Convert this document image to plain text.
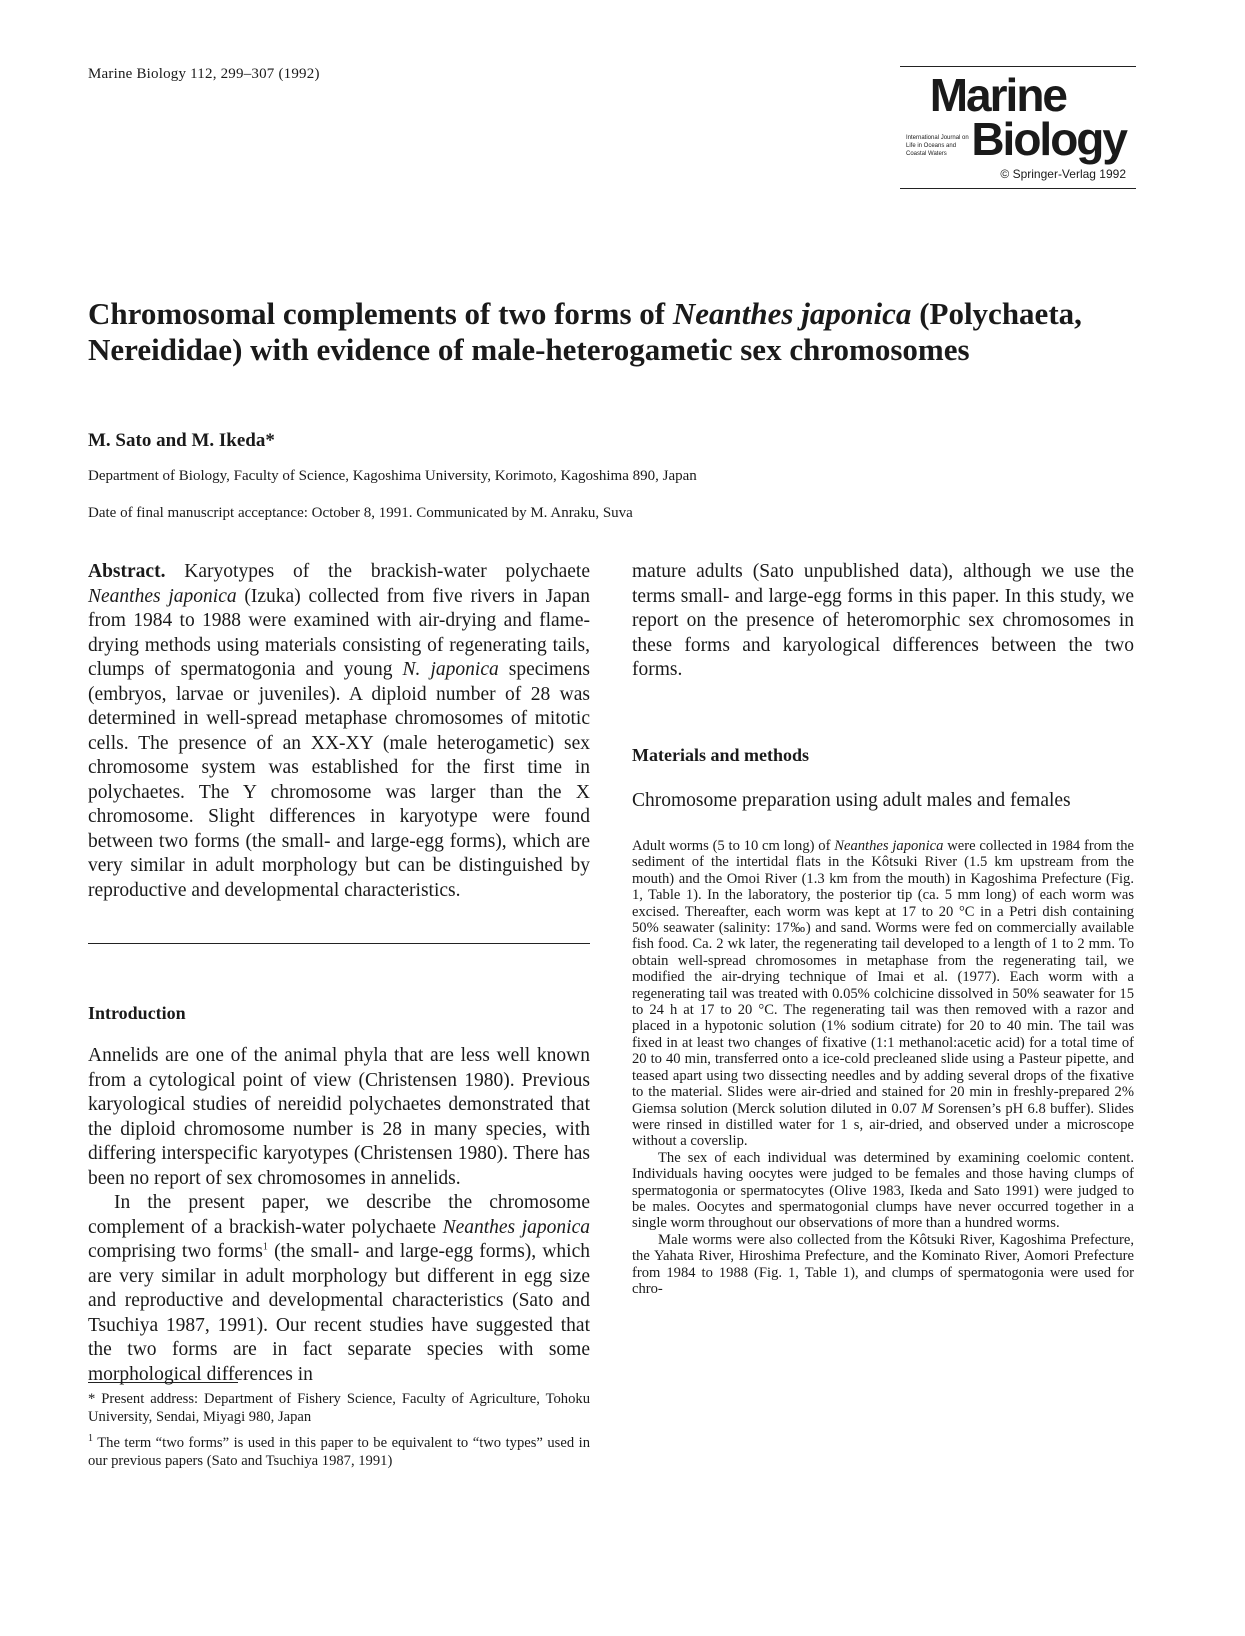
Marine Biology 112, 299–307 (1992)	Marine
International Journal on Life in Oceans and Coastal Waters Biology
© Springer-Verlag 1992
Chromosomal complements of two forms of Neanthes japonica (Polychaeta, Nereididae) with evidence of male-heterogametic sex chromosomes
M. Sato and M. Ikeda*
Department of Biology, Faculty of Science, Kagoshima University, Korimoto, Kagoshima 890, Japan
Date of final manuscript acceptance: October 8, 1991. Communicated by M. Anraku, Suva

Abstract. Karyotypes of the brackish-water polychaete Neanthes japonica (Izuka) collected from five rivers in Japan from 1984 to 1988 were examined with air-drying and flame-drying methods using materials consisting of regenerating tails, clumps of spermatogonia and young N. japonica specimens (embryos, larvae or juveniles). A diploid number of 28 was determined in well-spread metaphase chromosomes of mitotic cells. The presence of an XX-XY (male heterogametic) sex chromosome system was established for the first time in polychaetes. The Y chromosome was larger than the X chromosome. Slight differences in karyotype were found between two forms (the small- and large-egg forms), which are very similar in adult morphology but can be distinguished by reproductive and developmental characteristics.

Introduction

Annelids are one of the animal phyla that are less well known from a cytological point of view (Christensen 1980). Previous karyological studies of nereidid polychaetes demonstrated that the diploid chromosome number is 28 in many species, with differing interspecific karyotypes (Christensen 1980). There has been no report of sex chromosomes in annelids.

In the present paper, we describe the chromosome complement of a brackish-water polychaete Neanthes japonica comprising two forms$^1$ (the small- and large-egg forms), which are very similar in adult morphology but different in egg size and reproductive and developmental characteristics (Sato and Tsuchiya 1987, 1991). Our recent studies have suggested that the two forms are in fact separate species with some morphological differences in

* Present address: Department of Fishery Science, Faculty of Agriculture, Tohoku University, Sendai, Miyagi 980, Japan

$^1$ The term “two forms” is used in this paper to be equivalent to “two types” used in our previous papers (Sato and Tsuchiya 1987, 1991)

mature adults (Sato unpublished data), although we use the terms small- and large-egg forms in this paper. In this study, we report on the presence of heteromorphic sex chromosomes in these forms and karyological differences between the two forms.
Materials and methods
Chromosome preparation using adult males and females

Adult worms (5 to 10 cm long) of Neanthes japonica were collected in 1984 from the sediment of the intertidal flats in the Kôtsuki River (1.5 km upstream from the mouth) and the Omoi River (1.3 km from the mouth) in Kagoshima Prefecture (Fig. 1, Table 1). In the laboratory, the posterior tip (ca. 5 mm long) of each worm was excised. Thereafter, each worm was kept at 17 to 20 °C in a Petri dish containing 50% seawater (salinity: 17‰) and sand. Worms were fed on commercially available fish food. Ca. 2 wk later, the regenerating tail developed to a length of 1 to 2 mm. To obtain well-spread chromosomes in metaphase from the regenerating tail, we modified the air-drying technique of Imai et al. (1977). Each worm with a regenerating tail was treated with 0.05% colchicine dissolved in 50% seawater for 15 to 24 h at 17 to 20 °C. The regenerating tail was then removed with a razor and placed in a hypotonic solution (1% sodium citrate) for 20 to 40 min. The tail was fixed in at least two changes of fixative (1:1 methanol:acetic acid) for a total time of 20 to 40 min, transferred onto a ice-cold precleaned slide using a Pasteur pipette, and teased apart using two dissecting needles and by adding several drops of the fixative to the material. Slides were air-dried and stained for 20 min in freshly-prepared 2% Giemsa solution (Merck solution diluted in 0.07 M Sorensen’s pH 6.8 buffer). Slides were rinsed in distilled water for 1 s, air-dried, and observed under a microscope without a coverslip.

The sex of each individual was determined by examining coelomic content. Individuals having oocytes were judged to be females and those having clumps of spermatogonia or spermatocytes (Olive 1983, Ikeda and Sato 1991) were judged to be males. Oocytes and spermatogonial clumps have never occurred together in a single worm throughout our observations of more than a hundred worms.

Male worms were also collected from the Kôtsuki River, Kagoshima Prefecture, the Yahata River, Hiroshima Prefecture, and the Kominato River, Aomori Prefecture from 1984 to 1988 (Fig. 1, Table 1), and clumps of spermatogonia were used for chro-
